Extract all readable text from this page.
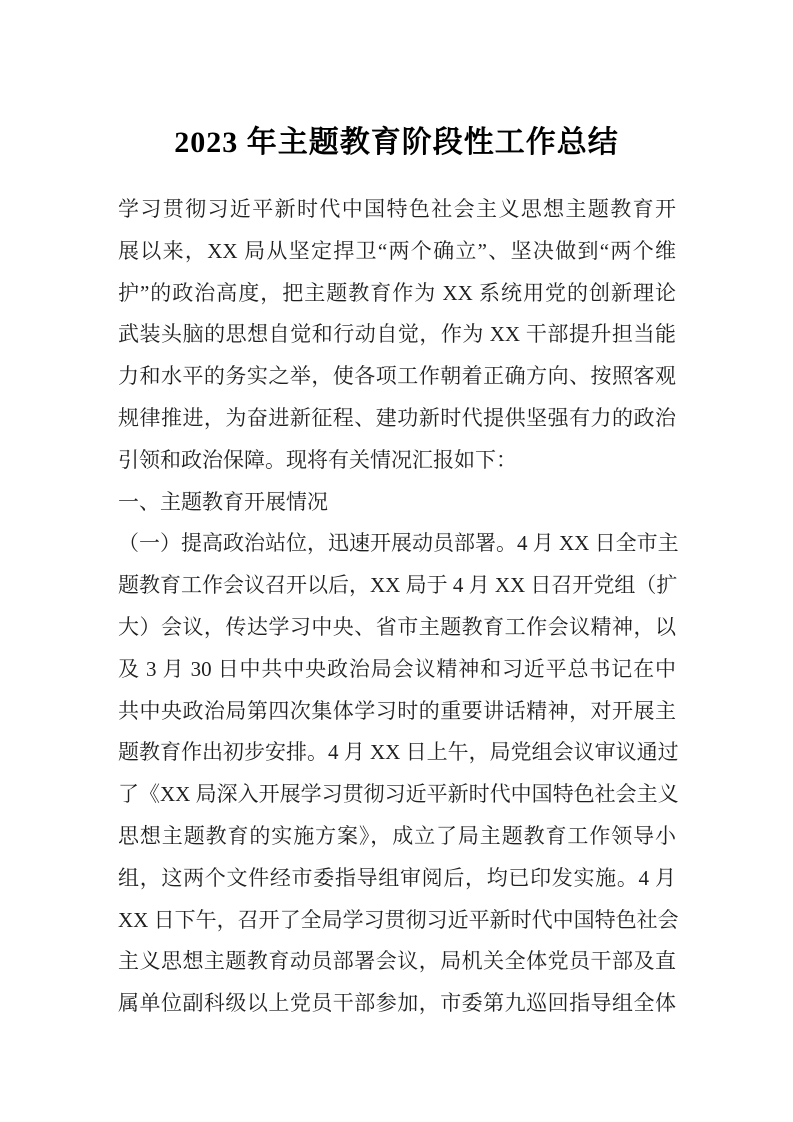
2023 年主题教育阶段性工作总结
学习贯彻习近平新时代中国特色社会主义思想主题教育开
展以来，XX 局从坚定捍卫“两个确立”、坚决做到“两个维
护”的政治高度，把主题教育作为 XX 系统用党的创新理论
武装头脑的思想自觉和行动自觉，作为 XX 干部提升担当能
力和水平的务实之举，使各项工作朝着正确方向、按照客观
规律推进，为奋进新征程、建功新时代提供坚强有力的政治
引领和政治保障。现将有关情况汇报如下：
一、主题教育开展情况
（一）提高政治站位，迅速开展动员部署。4 月 XX 日全市主
题教育工作会议召开以后，XX 局于 4 月 XX 日召开党组（扩
大）会议，传达学习中央、省市主题教育工作会议精神，以
及 3 月 30 日中共中央政治局会议精神和习近平总书记在中
共中央政治局第四次集体学习时的重要讲话精神，对开展主
题教育作出初步安排。4 月 XX 日上午，局党组会议审议通过
了《XX 局深入开展学习贯彻习近平新时代中国特色社会主义
思想主题教育的实施方案》，成立了局主题教育工作领导小
组，这两个文件经市委指导组审阅后，均已印发实施。4 月
XX 日下午，召开了全局学习贯彻习近平新时代中国特色社会
主义思想主题教育动员部署会议，局机关全体党员干部及直
属单位副科级以上党员干部参加，市委第九巡回指导组全体
